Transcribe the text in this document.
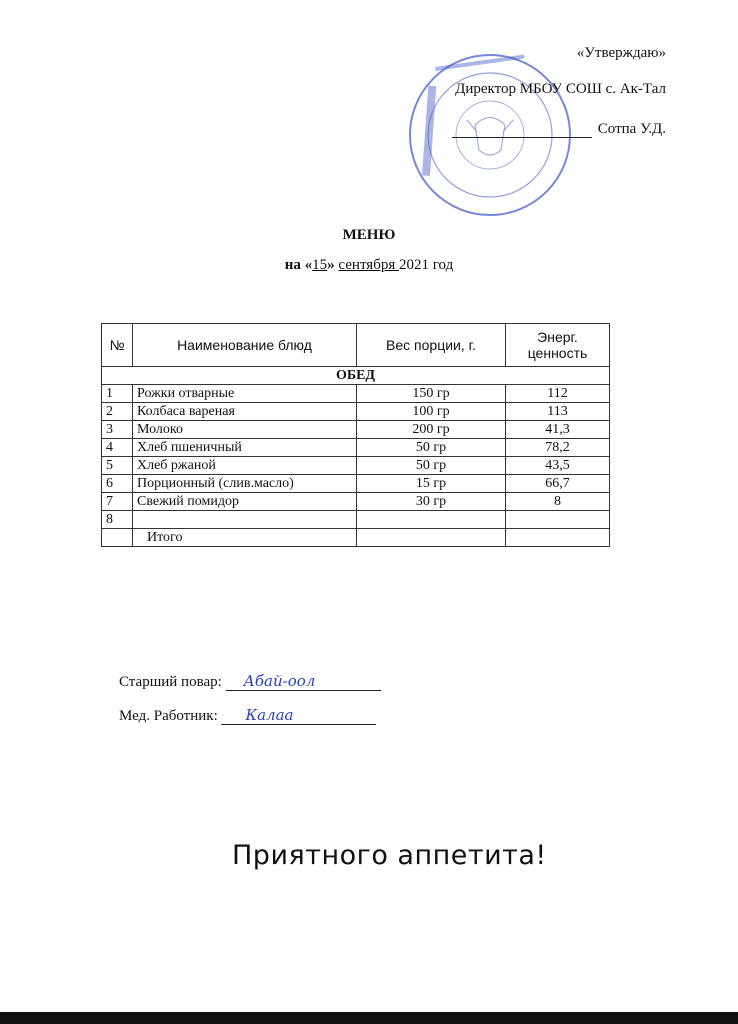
«Утверждаю»
Директор МБОУ СОШ с. Ак-Тал
Сотпа У.Д.
МЕНЮ
на «15» сентября 2021 год
№	Наименование блюд	Вес порции, г.	Энерг. ценность
ОБЕД			
1	Рожки отварные	150 гр	112
2	Колбаса вареная	100 гр	113
3	Молоко	200 гр	41,3
4	Хлеб пшеничный	50 гр	78,2
5	Хлеб ржаной	50 гр	43,5
6	Порционный (слив.масло)	15 гр	66,7
7	Свежий помидор	30 гр	8
8			
	Итого		
Старший повар: Абай-оол
Мед. Работник: Калаа
Приятного аппетита!
